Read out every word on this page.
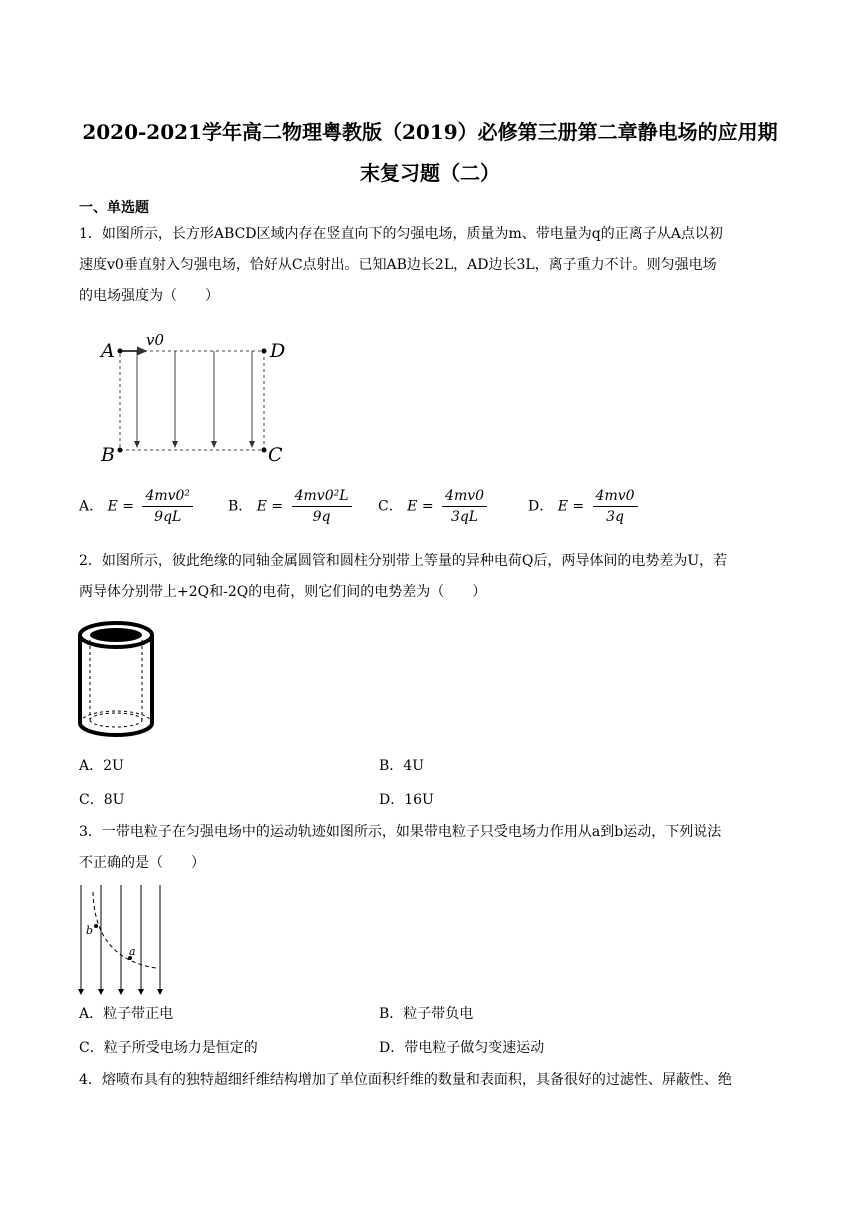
2020-2021学年高二物理粤教版（2019）必修第三册第二章静电场的应用期
末复习题（二）
一、单选题
1．如图所示，长方形ABCD区域内存在竖直向下的匀强电场，质量为m、带电量为q的正离子从A点以初
速度v0垂直射入匀强电场，恰好从C点射出。已知AB边长2L，AD边长3L，离子重力不计。则匀强电场
的电场强度为（　　）
A v0	D
B	C
A． $E = \frac{\text{4mv0²}}{9qL}$ B． $E = \frac{\text{4mv0²L}}{9q}$ C． $E = \frac{4mv0}{3qL}$	D． $E = \frac{4mv0}{3q}$
2．如图所示，彼此绝缘的同轴金属圆管和圆柱分别带上等量的异种电荷Q后，两导体间的电势差为U，若
两导体分别带上+2Q和-2Q的电荷，则它们间的电势差为（　　）
A．2U	B．4U
C．8U	D．16U
3．一带电粒子在匀强电场中的运动轨迹如图所示，如果带电粒子只受电场力作用从a到b运动，下列说法
不正确的是（　　）
b
a
A．粒子带正电	B．粒子带负电
C．粒子所受电场力是恒定的	D．带电粒子做匀变速运动
4．熔喷布具有的独特超细纤维结构增加了单位面积纤维的数量和表面积，具备很好的过滤性、屏蔽性、绝
